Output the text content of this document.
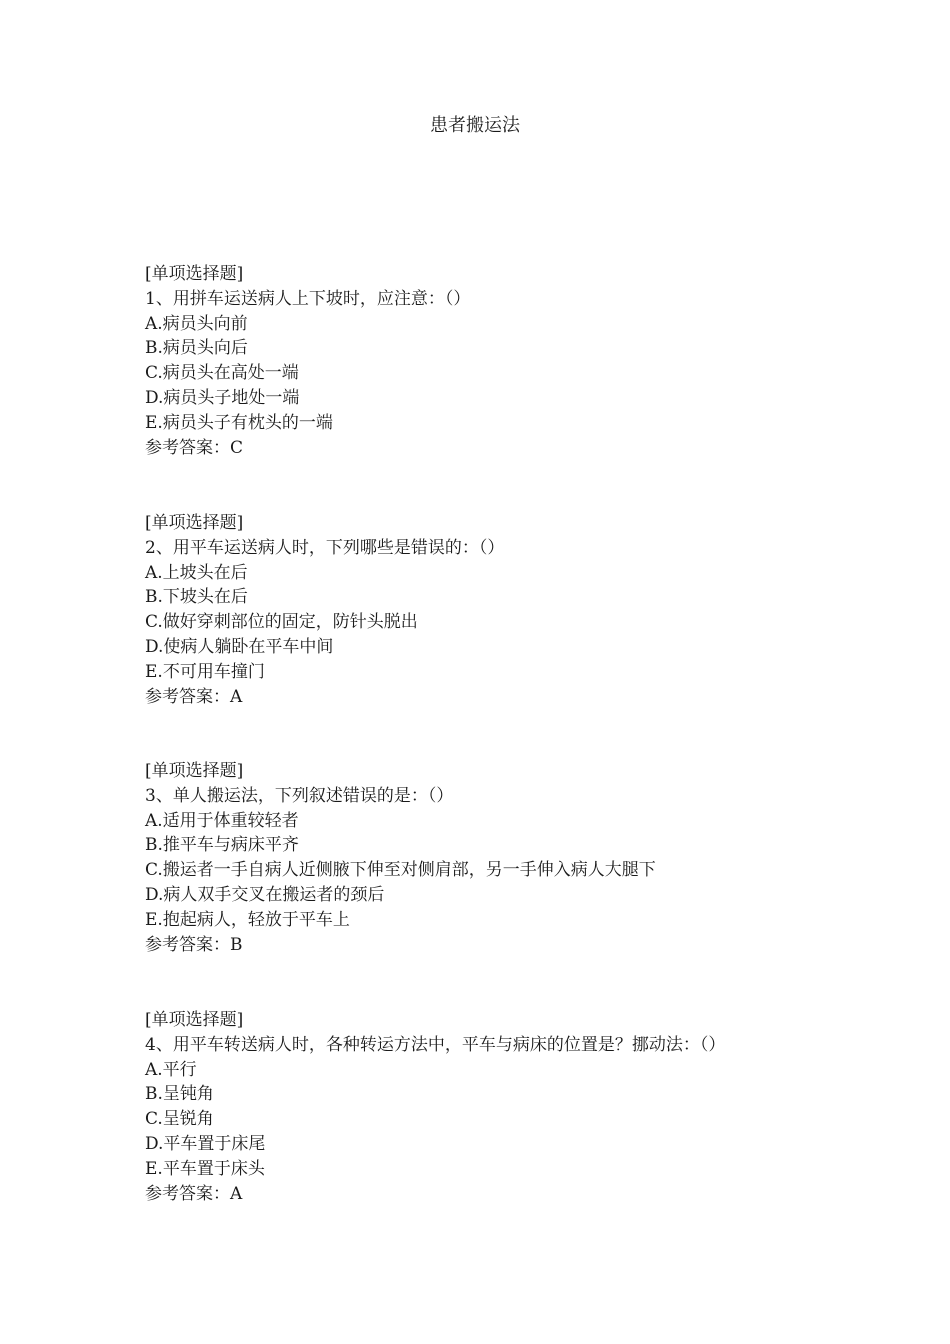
患者搬运法
[单项选择题]
1、用拼车运送病人上下坡时，应注意：（）
A.病员头向前
B.病员头向后
C.病员头在高处一端
D.病员头子地处一端
E.病员头子有枕头的一端
参考答案：C
[单项选择题]
2、用平车运送病人时，下列哪些是错误的：（）
A.上坡头在后
B.下坡头在后
C.做好穿刺部位的固定，防针头脱出
D.使病人躺卧在平车中间
E.不可用车撞门
参考答案：A
[单项选择题]
3、单人搬运法，下列叙述错误的是：（）
A.适用于体重较轻者
B.推平车与病床平齐
C.搬运者一手自病人近侧腋下伸至对侧肩部，另一手伸入病人大腿下
D.病人双手交叉在搬运者的颈后
E.抱起病人，轻放于平车上
参考答案：B
[单项选择题]
4、用平车转送病人时，各种转运方法中，平车与病床的位置是？挪动法：（）
A.平行
B.呈钝角
C.呈锐角
D.平车置于床尾
E.平车置于床头
参考答案：A
